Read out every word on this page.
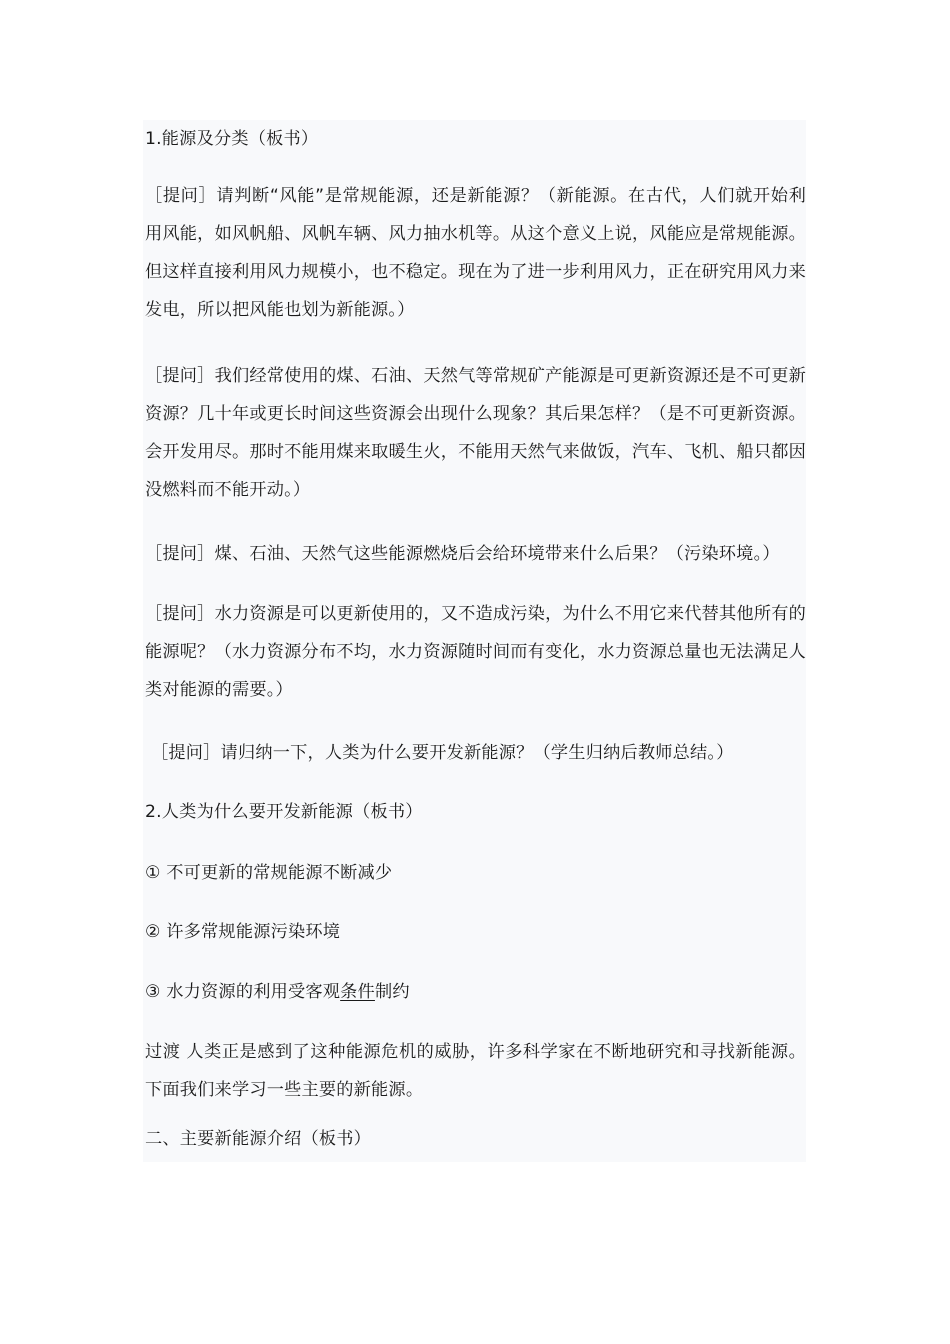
1.能源及分类（板书）

［提问］请判断“风能”是常规能源，还是新能源？（新能源。在古代，人们就开始利用风能，如风帆船、风帆车辆、风力抽水机等。从这个意义上说，风能应是常规能源。但这样直接利用风力规模小，也不稳定。现在为了进一步利用风力，正在研究用风力来发电，所以把风能也划为新能源。）

［提问］我们经常使用的煤、石油、天然气等常规矿产能源是可更新资源还是不可更新资源？几十年或更长时间这些资源会出现什么现象？其后果怎样？（是不可更新资源。会开发用尽。那时不能用煤来取暖生火，不能用天然气来做饭，汽车、飞机、船只都因没燃料而不能开动。）

［提问］煤、石油、天然气这些能源燃烧后会给环境带来什么后果？（污染环境。）

［提问］水力资源是可以更新使用的，又不造成污染，为什么不用它来代替其他所有的能源呢？（水力资源分布不均，水力资源随时间而有变化，水力资源总量也无法满足人类对能源的需要。）

［提问］请归纳一下，人类为什么要开发新能源？（学生归纳后教师总结。）

2.人类为什么要开发新能源（板书）

① 不可更新的常规能源不断减少

② 许多常规能源污染环境

③ 水力资源的利用受客观条件制约

过渡 人类正是感到了这种能源危机的威胁，许多科学家在不断地研究和寻找新能源。下面我们来学习一些主要的新能源。

二、主要新能源介绍（板书）
